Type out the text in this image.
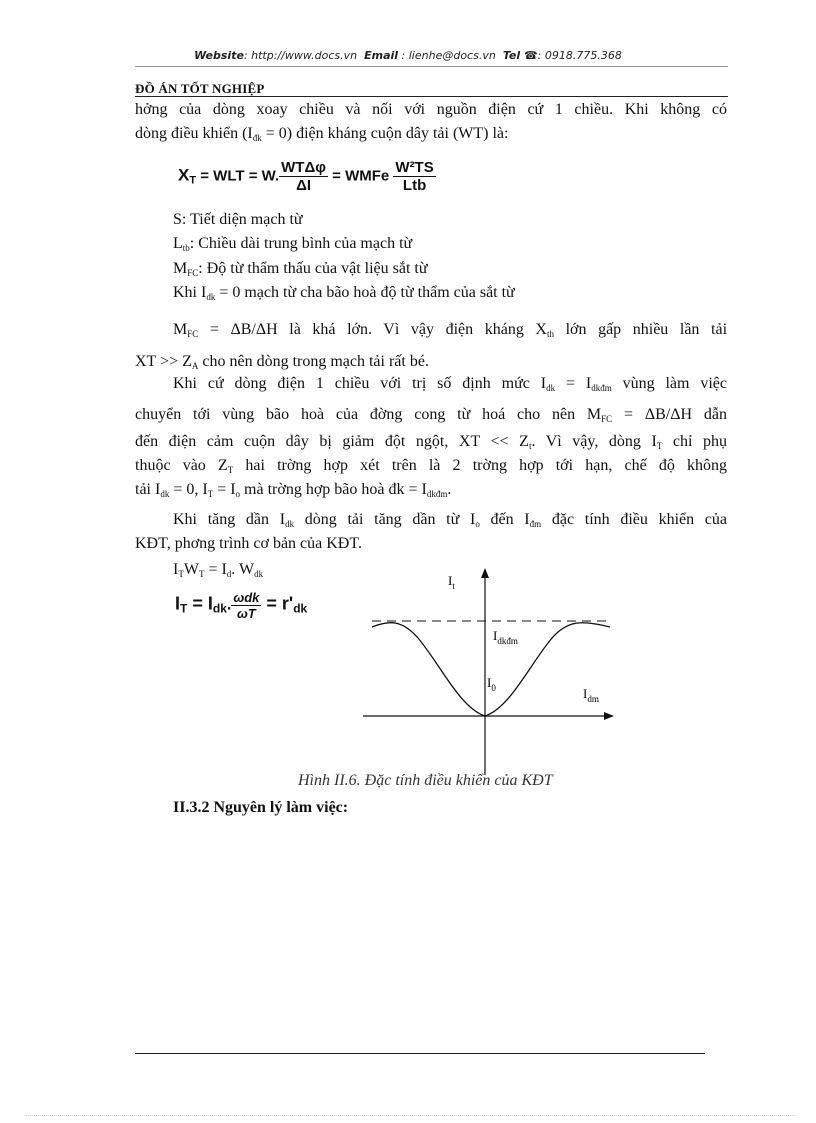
Website: http://www.docs.vn Email : lienhe@docs.vn Tel ☎: 0918.775.368
ĐỒ ÁN TỐT NGHIỆP
hởng của dòng xoay chiều và nối với nguồn điện cứ 1 chiều. Khi không có
dòng điều khiển $(I_{đk} = 0)$ điện kháng cuộn dây tải (WT) là:
$X_T$ = WLT = W. $\frac{\text{WTΔφ}}{\Delta I}$ = WMFe $\frac{\text{W²TS}}{\text{Ltb}}$
S: Tiết diện mạch từ
$L_{tb}$: Chiều dài trung bình của mạch từ
$M_{FC}$: Độ từ thẩm thấu của vật liệu sắt từ
Khi $I_{dk} = 0$ mạch từ cha bão hoà độ từ thẩm của sắt từ
$M_{FC} = \Delta B/\Delta H$ là khá lớn. Vì vậy điện kháng $X_{th}$ lớn gấp nhiều lần tải
XT >> $Z_A$ cho nên dòng trong mạch tải rất bé.
Khi cứ dòng điện 1 chiều với trị số định mức $I_{dk} = I_{dkđm}$ vùng làm việc
chuyển tới vùng bão hoà của đờng cong từ hoá cho nên $M_{FC} = \Delta B/\Delta H$ dẫn
đến điện cảm cuộn dây bị giảm đột ngột, XT << $Z_t$. Vì vậy, dòng $I_T$ chỉ phụ
thuộc vào $Z_T$ hai trờng hợp xét trên là 2 trờng hợp tới hạn, chế độ không
tải $I_{dk} = 0$, $I_T = I_o$ mà trờng hợp bão hoà đk = $I_{dkđm}$.
Khi tăng dần $I_{dk}$ dòng tải tăng dần từ $I_o$ đến $I_{đm}$ đặc tính điều khiển của
KĐT, phơng trình cơ bản của KĐT.
$I_TW_T = I_d$. $W_{dk}$
$I_T = I_{dk}$. $\frac{\text{ωdk}}{\omega T} = r'_{dk}$
$I_t$
$I_{dkđm}$
$I_0$	$I_{dm}$
Hình II.6. Đặc tính điều khiển của KĐT
II.3.2 Nguyên lý làm việc:
